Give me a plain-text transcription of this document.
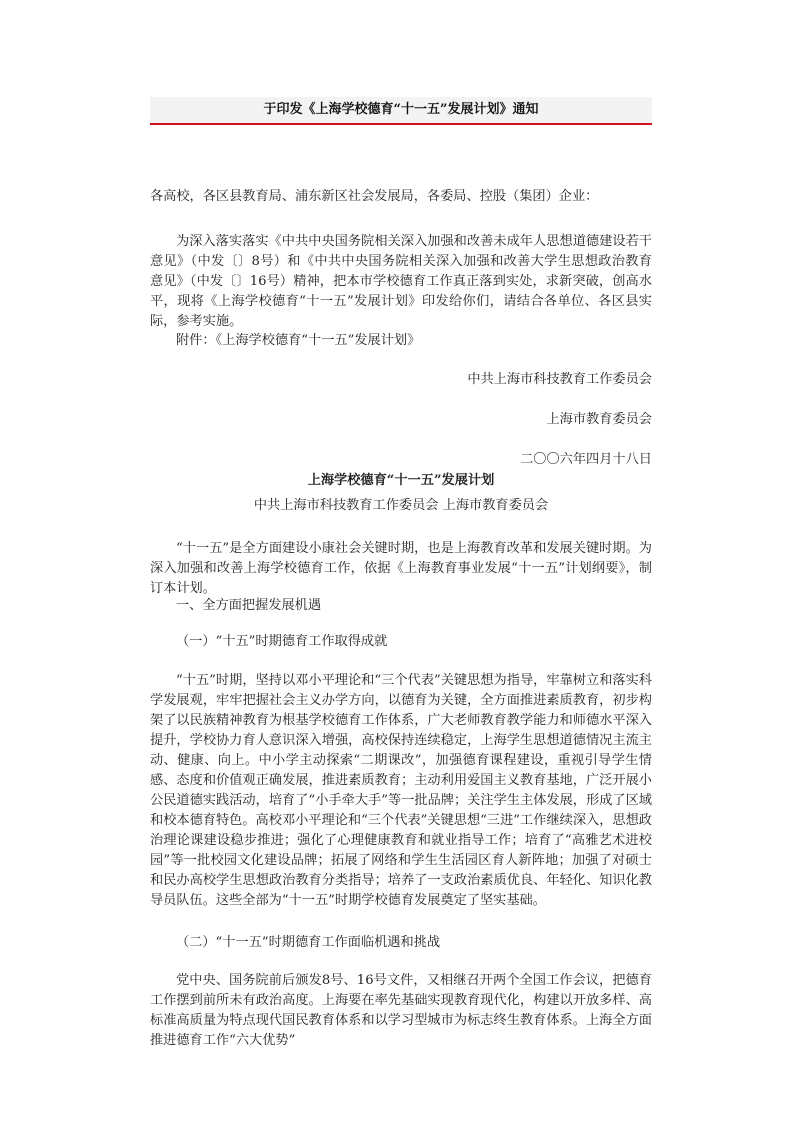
于印发《上海学校德育“十一五”发展计划》通知

各高校，各区县教育局、浦东新区社会发展局，各委局、控股（集团）企业：

为深入落实落实《中共中央国务院相关深入加强和改善未成年人思想道德建设若干意见》（中发〔〕8号）和《中共中央国务院相关深入加强和改善大学生思想政治教育意见》（中发〔〕16号）精神，把本市学校德育工作真正落到实处，求新突破，创高水平，现将《上海学校德育“十一五”发展计划》印发给你们，请结合各单位、各区县实际，参考实施。

附件：《上海学校德育“十一五”发展计划》

中共上海市科技教育工作委员会

上海市教育委员会

二〇〇六年四月十八日

上海学校德育“十一五”发展计划

中共上海市科技教育工作委员会 上海市教育委员会

“十一五”是全方面建设小康社会关键时期，也是上海教育改革和发展关键时期。为深入加强和改善上海学校德育工作，依据《上海教育事业发展“十一五”计划纲要》，制订本计划。

一、全方面把握发展机遇

（一）“十五”时期德育工作取得成就

“十五”时期，坚持以邓小平理论和“三个代表”关键思想为指导，牢靠树立和落实科学发展观，牢牢把握社会主义办学方向，以德育为关键，全方面推进素质教育，初步构架了以民族精神教育为根基学校德育工作体系，广大老师教育教学能力和师德水平深入提升，学校协力育人意识深入增强，高校保持连续稳定，上海学生思想道德情况主流主动、健康、向上。中小学主动探索“二期课改”，加强德育课程建设，重视引导学生情感、态度和价值观正确发展，推进素质教育；主动利用爱国主义教育基地，广泛开展小公民道德实践活动，培育了“小手牵大手”等一批品牌；关注学生主体发展，形成了区域和校本德育特色。高校邓小平理论和“三个代表”关键思想“三进”工作继续深入，思想政治理论课建设稳步推进；强化了心理健康教育和就业指导工作；培育了“高雅艺术进校园”等一批校园文化建设品牌；拓展了网络和学生生活园区育人新阵地；加强了对硕士和民办高校学生思想政治教育分类指导；培养了一支政治素质优良、年轻化、知识化教导员队伍。这些全部为“十一五”时期学校德育发展奠定了坚实基础。

（二）“十一五”时期德育工作面临机遇和挑战

党中央、国务院前后颁发8号、16号文件，又相继召开两个全国工作会议，把德育工作摆到前所未有政治高度。上海要在率先基础实现教育现代化，构建以开放多样、高标准高质量为特点现代国民教育体系和以学习型城市为标志终生教育体系。上海全方面推进德育工作“六大优势”
